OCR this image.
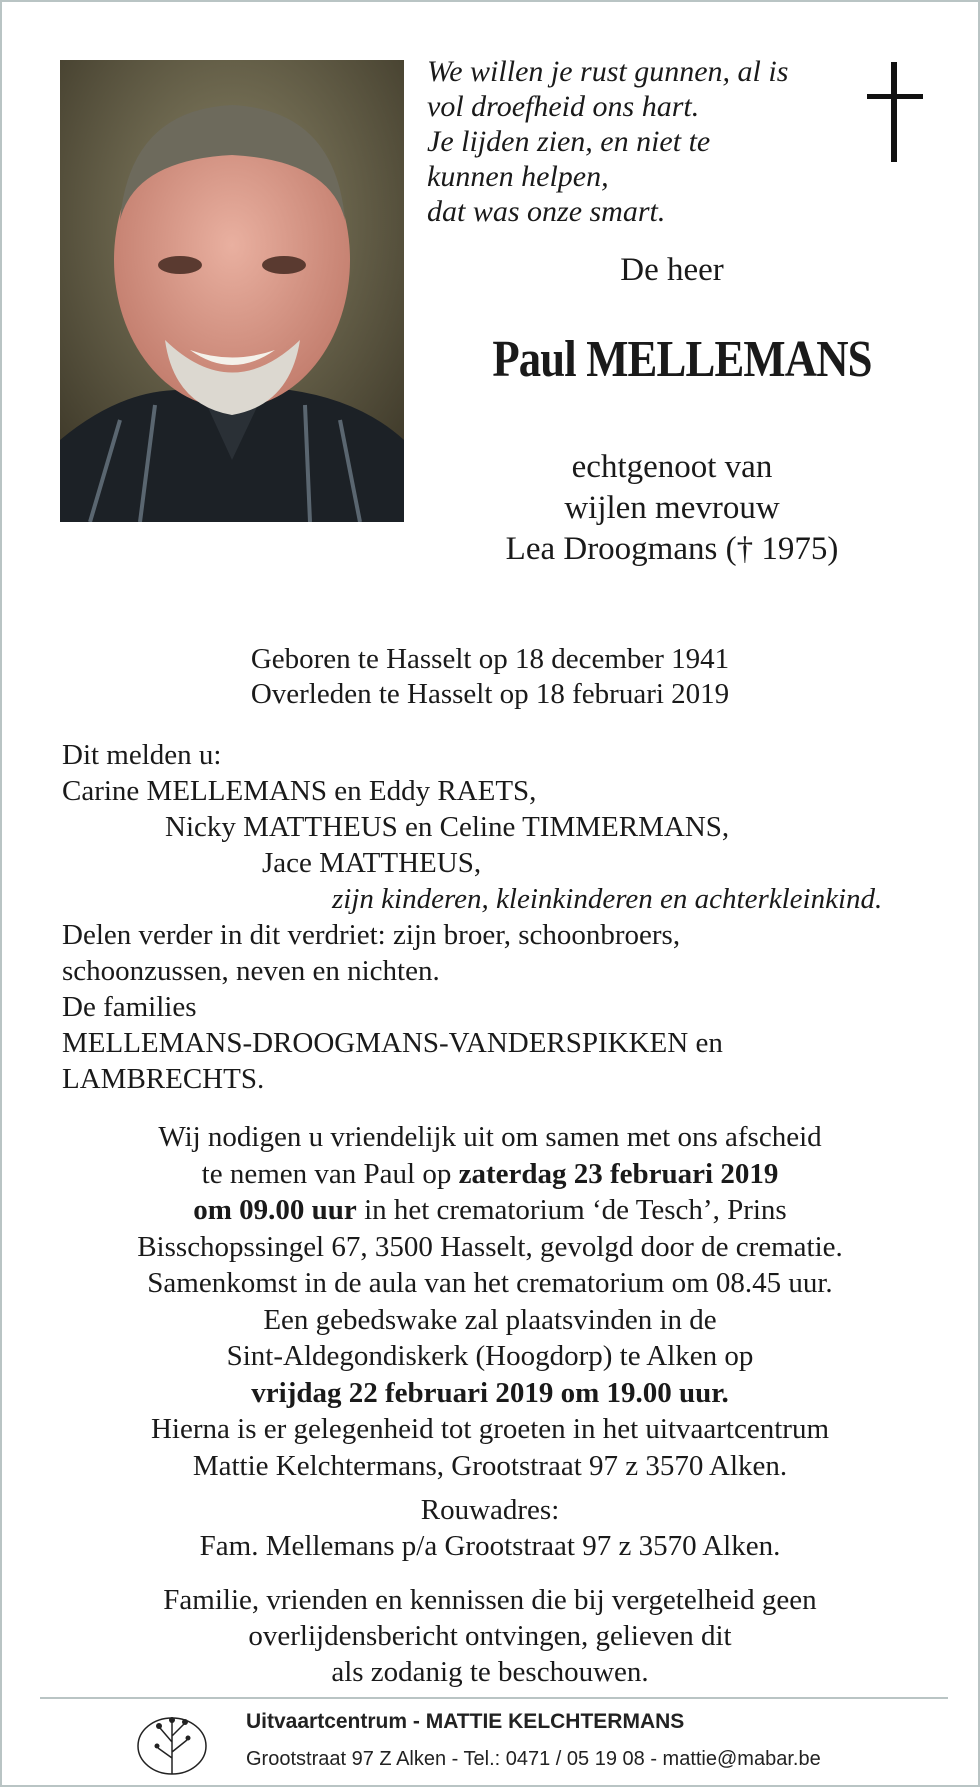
We willen je rust gunnen, al is
vol droefheid ons hart.
Je lijden zien, en niet te
kunnen helpen,
dat was onze smart.
De heer
Paul MELLEMANS
echtgenoot van
wijlen mevrouw
Lea Droogmans († 1975)
Geboren te Hasselt op 18 december 1941
Overleden te Hasselt op 18 februari 2019
Dit melden u:
Carine MELLEMANS en Eddy RAETS,
Nicky MATTHEUS en Celine TIMMERMANS,
Jace MATTHEUS,
zijn kinderen, kleinkinderen en achterkleinkind.
Delen verder in dit verdriet: zijn broer, schoonbroers,
schoonzussen, neven en nichten.
De families
MELLEMANS-DROOGMANS-VANDERSPIKKEN en
LAMBRECHTS.
Wij nodigen u vriendelijk uit om samen met ons afscheid
te nemen van Paul op zaterdag 23 februari 2019
om 09.00 uur in het crematorium ‘de Tesch’, Prins
Bisschopssingel 67, 3500 Hasselt, gevolgd door de crematie.
Samenkomst in de aula van het crematorium om 08.45 uur.
Een gebedswake zal plaatsvinden in de
Sint-Aldegondiskerk (Hoogdorp) te Alken op
vrijdag 22 februari 2019 om 19.00 uur.
Hierna is er gelegenheid tot groeten in het uitvaartcentrum
Mattie Kelchtermans, Grootstraat 97 z 3570 Alken.
Rouwadres:
Fam. Mellemans p/a Grootstraat 97 z 3570 Alken.
Familie, vrienden en kennissen die bij vergetelheid geen
overlijdensbericht ontvingen, gelieven dit
als zodanig te beschouwen.
Uitvaartcentrum - MATTIE KELCHTERMANS
Grootstraat 97 Z Alken - Tel.: 0471 / 05 19 08 - mattie@mabar.be
